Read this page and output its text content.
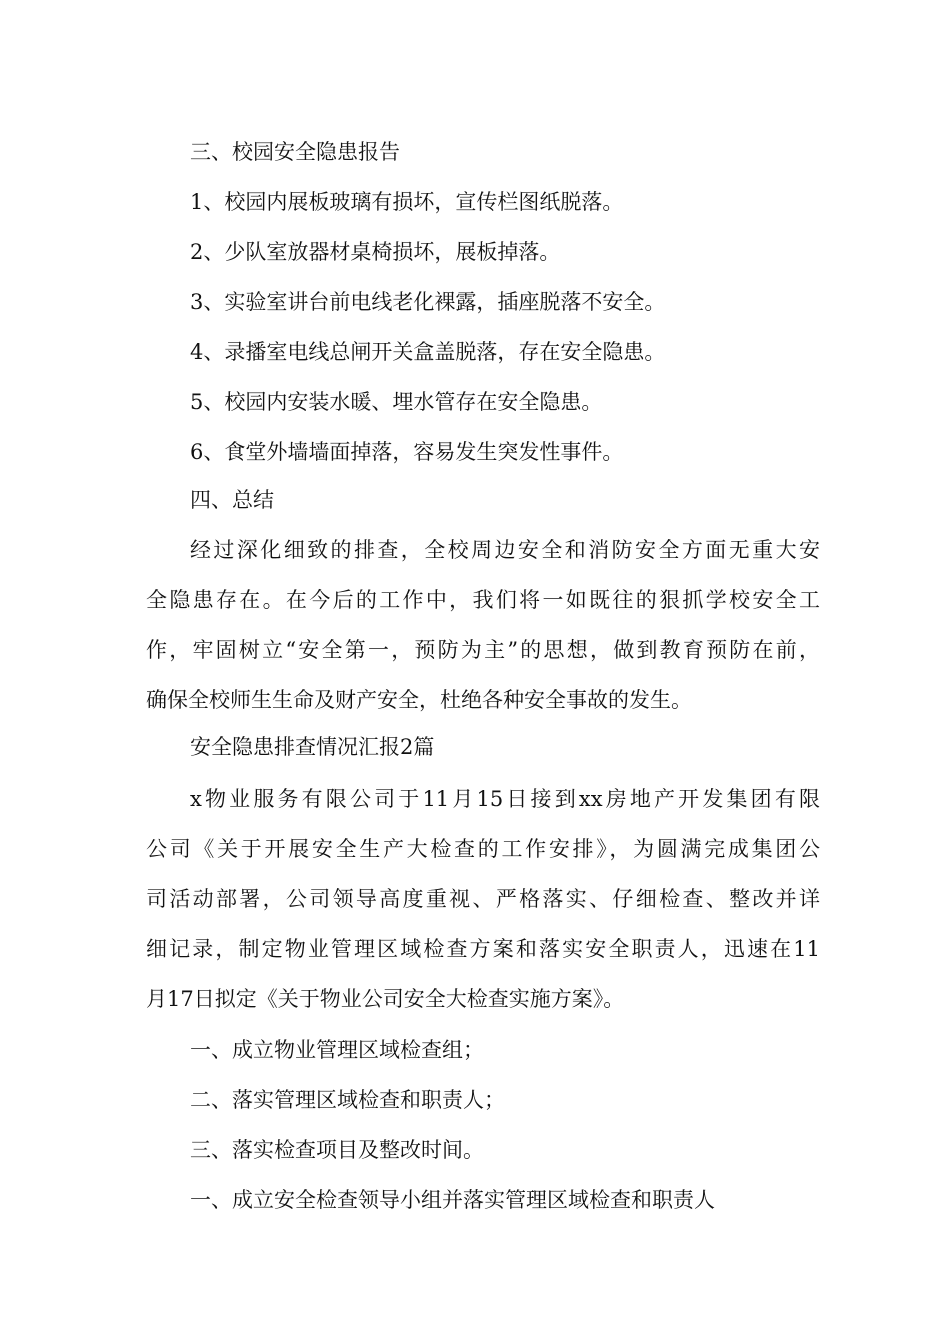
三、校园安全隐患报告

1、校园内展板玻璃有损坏，宣传栏图纸脱落。

2、少队室放器材桌椅损坏，展板掉落。

3、实验室讲台前电线老化裸露，插座脱落不安全。

4、录播室电线总闸开关盒盖脱落，存在安全隐患。

5、校园内安装水暖、埋水管存在安全隐患。

6、食堂外墙墙面掉落，容易发生突发性事件。

四、总结

经过深化细致的排查，全校周边安全和消防安全方面无重大安

全隐患存在。在今后的工作中，我们将一如既往的狠抓学校安全工

作，牢固树立“安全第一，预防为主”的思想，做到教育预防在前，

确保全校师生生命及财产安全，杜绝各种安全事故的发生。

安全隐患排查情况汇报2篇

x物业服务有限公司于11月15日接到xx房地产开发集团有限

公司《关于开展安全生产大检查的工作安排》，为圆满完成集团公

司活动部署，公司领导高度重视、严格落实、仔细检查、整改并详

细记录，制定物业管理区域检查方案和落实安全职责人，迅速在11

月17日拟定《关于物业公司安全大检查实施方案》。

一、成立物业管理区域检查组；

二、落实管理区域检查和职责人；

三、落实检查项目及整改时间。

一、成立安全检查领导小组并落实管理区域检查和职责人
